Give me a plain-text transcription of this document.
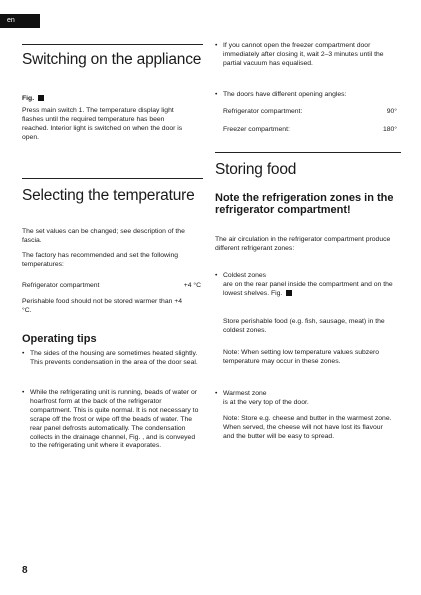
en
Switching on the appliance

Fig.

Press main switch 1. The temperature display light flashes until the required temperature has been reached. Interior light is switched on when the door is open.

Selecting the temperature

The set values can be changed; see description of the fascia.

The factory has recommended and set the following temperatures:

Refrigerator compartment	+4 °C

Perishable food should not be stored warmer than +4 °C.

Operating tips
• The sides of the housing are sometimes heated slightly. This prevents condensation in the area of the door seal.
• While the refrigerating unit is running, beads of water or hoarfrost form at the back of the refrigerator compartment. This is quite normal. It is not necessary to scrape off the frost or wipe off the beads of water. The rear panel defrosts automatically. The condensation collects in the drainage channel, Fig. , and is conveyed to the refrigerating unit where it evaporates.
8
• If you cannot open the freezer compartment door immediately after closing it, wait 2–3 minutes until the partial vacuum has equalised.
• The doors have different opening angles:
Refrigerator compartment:	90°
Freezer compartment:	180°
Storing food
Note the refrigeration zones in the refrigerator compartment!

The air circulation in the refrigerator compartment produce different refrigerant zones:

• Coldest zones
are on the rear panel inside the compartment and on the lowest shelves. Fig.

Store perishable food (e.g. fish, sausage, meat) in the coldest zones.

Note: When setting low temperature values subzero temperature may occur in these zones.

• Warmest zone
is at the very top of the door.

Note: Store e.g. cheese and butter in the warmest zone. When served, the cheese will not have lost its flavour and the butter will be easy to spread.
